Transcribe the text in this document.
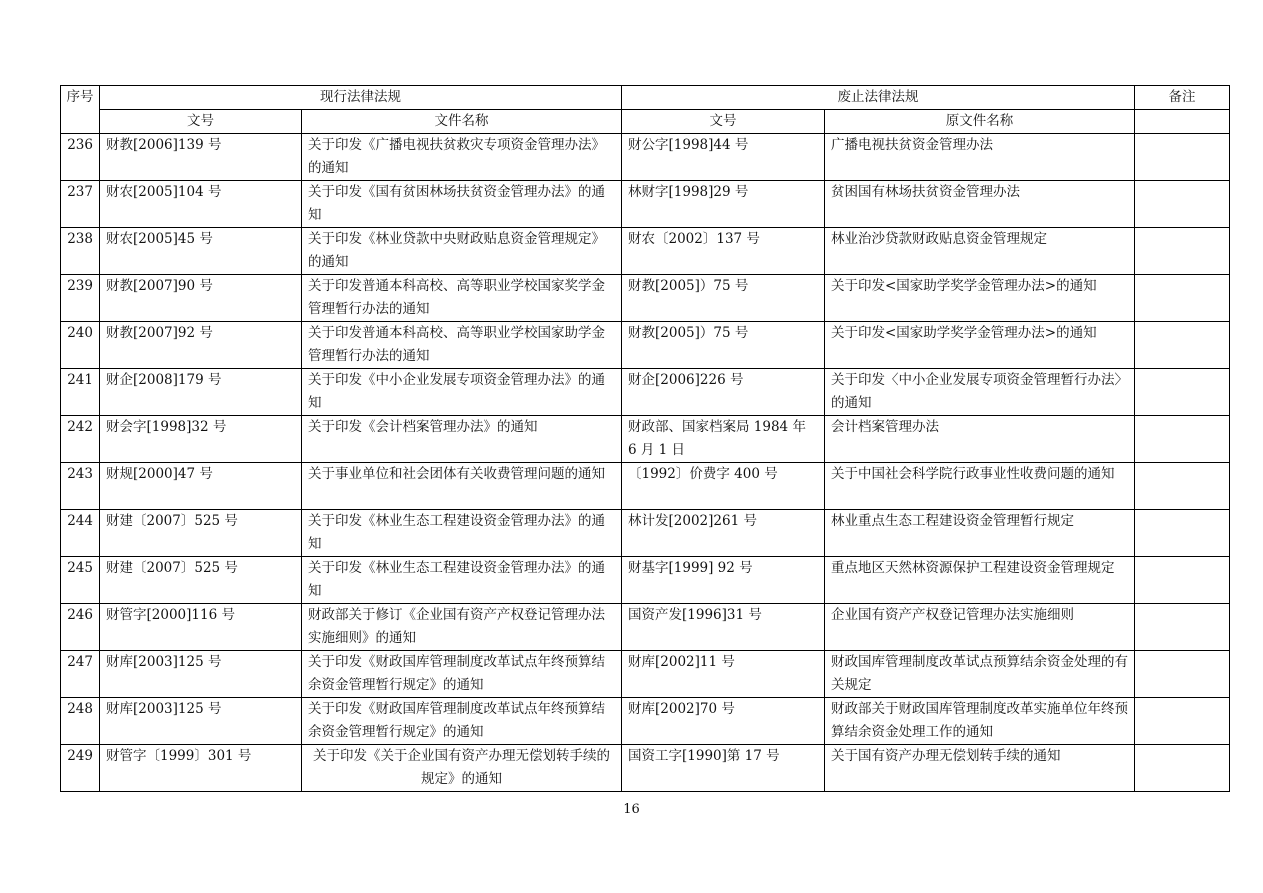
序号	现行法律法规		废止法律法规		备注
	文号	文件名称	文号	原文件名称	
236	财教[2006]139 号	关于印发《广播电视扶贫救灾专项资金管理办法》的通知	财公字[1998]44 号	广播电视扶贫资金管理办法	
237	财农[2005]104 号	关于印发《国有贫困林场扶贫资金管理办法》的通知	林财字[1998]29 号	贫困国有林场扶贫资金管理办法	
238	财农[2005]45 号	关于印发《林业贷款中央财政贴息资金管理规定》的通知	财农〔2002〕137 号	林业治沙贷款财政贴息资金管理规定	
239	财教[2007]90 号	关于印发普通本科高校、高等职业学校国家奖学金管理暂行办法的通知	财教[2005]）75 号	关于印发<国家助学奖学金管理办法>的通知	
240	财教[2007]92 号	关于印发普通本科高校、高等职业学校国家助学金管理暂行办法的通知	财教[2005]）75 号	关于印发<国家助学奖学金管理办法>的通知	
241	财企[2008]179 号	关于印发《中小企业发展专项资金管理办法》的通知	财企[2006]226 号	关于印发〈中小企业发展专项资金管理暂行办法〉的通知	
242	财会字[1998]32 号	关于印发《会计档案管理办法》的通知	财政部、国家档案局 1984 年 6 月 1 日	会计档案管理办法	
243	财规[2000]47 号	关于事业单位和社会团体有关收费管理问题的通知	〔1992〕价费字 400 号	关于中国社会科学院行政事业性收费问题的通知	
244	财建〔2007〕525 号	关于印发《林业生态工程建设资金管理办法》的通知	林计发[2002]261 号	林业重点生态工程建设资金管理暂行规定	
245	财建〔2007〕525 号	关于印发《林业生态工程建设资金管理办法》的通知	财基字[1999] 92 号	重点地区天然林资源保护工程建设资金管理规定	
246	财管字[2000]116 号	财政部关于修订《企业国有资产产权登记管理办法实施细则》的通知	国资产发[1996]31 号	企业国有资产产权登记管理办法实施细则	
247	财库[2003]125 号	关于印发《财政国库管理制度改革试点年终预算结余资金管理暂行规定》的通知	财库[2002]11 号	财政国库管理制度改革试点预算结余资金处理的有关规定	
248	财库[2003]125 号	关于印发《财政国库管理制度改革试点年终预算结余资金管理暂行规定》的通知	财库[2002]70 号	财政部关于财政国库管理制度改革实施单位年终预算结余资金处理工作的通知	
249	财管字〔1999〕301 号	关于印发《关于企业国有资产办理无偿划转手续的规定》的通知	国资工字[1990]第 17 号	关于国有资产办理无偿划转手续的通知	
16
